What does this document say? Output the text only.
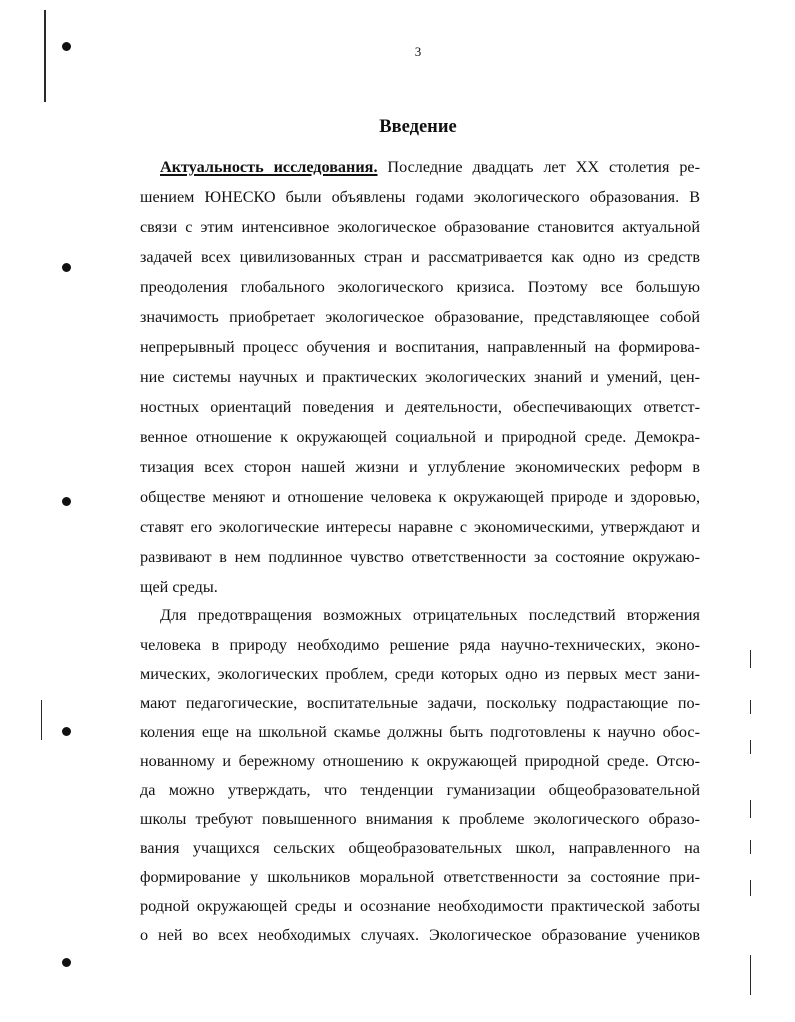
3
Введение
Актуальность исследования. Последние двадцать лет XX столетия ре-
шением ЮНЕСКО были объявлены годами экологического образования. В
связи с этим интенсивное экологическое образование становится актуальной
задачей всех цивилизованных стран и рассматривается как одно из средств
преодоления глобального экологического кризиса. Поэтому все большую
значимость приобретает экологическое образование, представляющее собой
непрерывный процесс обучения и воспитания, направленный на формирова-
ние системы научных и практических экологических знаний и умений, цен-
ностных ориентаций поведения и деятельности, обеспечивающих ответст-
венное отношение к окружающей социальной и природной среде. Демокра-
тизация всех сторон нашей жизни и углубление экономических реформ в
обществе меняют и отношение человека к окружающей природе и здоровью,
ставят его экологические интересы наравне с экономическими, утверждают и
развивают в нем подлинное чувство ответственности за состояние окружаю-
щей среды.
Для предотвращения возможных отрицательных последствий вторжения
человека в природу необходимо решение ряда научно-технических, эконо-
мических, экологических проблем, среди которых одно из первых мест зани-
мают педагогические, воспитательные задачи, поскольку подрастающие по-
коления еще на школьной скамье должны быть подготовлены к научно обос-
нованному и бережному отношению к окружающей природной среде. Отсю-
да можно утверждать, что тенденции гуманизации общеобразовательной
школы требуют повышенного внимания к проблеме экологического образо-
вания учащихся сельских общеобразовательных школ, направленного на
формирование у школьников моральной ответственности за состояние при-
родной окружающей среды и осознание необходимости практической заботы
о ней во всех необходимых случаях. Экологическое образование учеников
